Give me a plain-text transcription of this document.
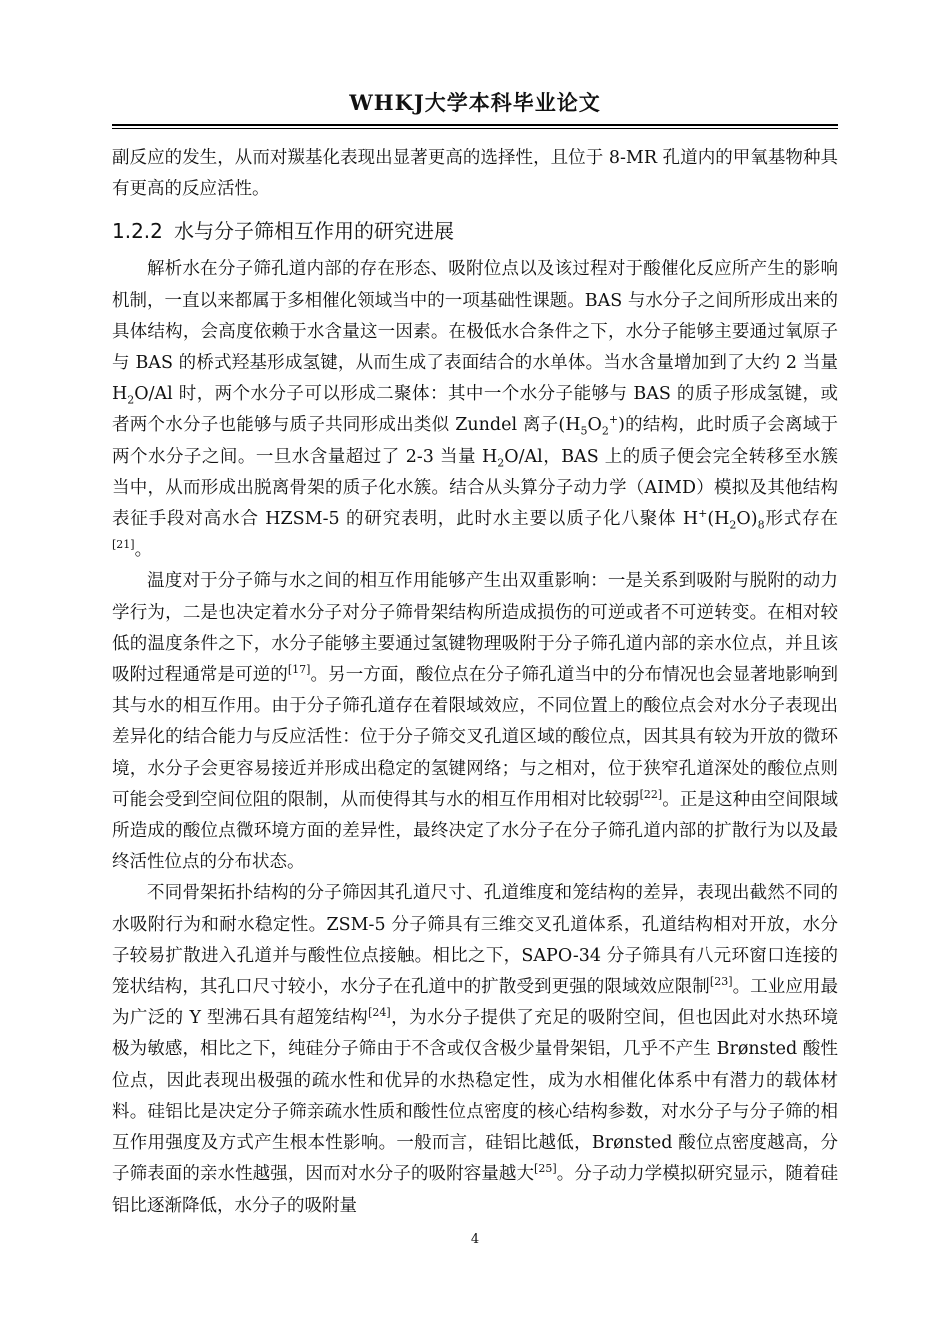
WHKJ大学本科毕业论文

副反应的发生，从而对羰基化表现出显著更高的选择性，且位于 8-MR 孔道内的甲氧基物种具有更高的反应活性。

1.2.2 水与分子筛相互作用的研究进展

解析水在分子筛孔道内部的存在形态、吸附位点以及该过程对于酸催化反应所产生的影响机制，一直以来都属于多相催化领域当中的一项基础性课题。BAS 与水分子之间所形成出来的具体结构，会高度依赖于水含量这一因素。在极低水合条件之下，水分子能够主要通过氧原子与 BAS 的桥式羟基形成氢键，从而生成了表面结合的水单体。当水含量增加到了大约 2 当量 $H_2O/Al$ 时，两个水分子可以形成二聚体：其中一个水分子能够与 BAS 的质子形成氢键，或者两个水分子也能够与质子共同形成出类似 Zundel 离子$(H_5O_2^+)$的结构，此时质子会离域于两个水分子之间。一旦水含量超过了 2-3 当量 $H_2O/Al$，BAS 上的质子便会完全转移至水簇当中，从而形成出脱离骨架的质子化水簇。结合从头算分子动力学（AIMD）模拟及其他结构表征手段对高水合 HZSM-5 的研究表明，此时水主要以质子化八聚体 $H^+(H_2O)_8$形式存在[21]。

温度对于分子筛与水之间的相互作用能够产生出双重影响：一是关系到吸附与脱附的动力学行为，二是也决定着水分子对分子筛骨架结构所造成损伤的可逆或者不可逆转变。在相对较低的温度条件之下，水分子能够主要通过氢键物理吸附于分子筛孔道内部的亲水位点，并且该吸附过程通常是可逆的[17]。另一方面，酸位点在分子筛孔道当中的分布情况也会显著地影响到其与水的相互作用。由于分子筛孔道存在着限域效应，不同位置上的酸位点会对水分子表现出差异化的结合能力与反应活性：位于分子筛交叉孔道区域的酸位点，因其具有较为开放的微环境，水分子会更容易接近并形成出稳定的氢键网络；与之相对，位于狭窄孔道深处的酸位点则可能会受到空间位阻的限制，从而使得其与水的相互作用相对比较弱[22]。正是这种由空间限域所造成的酸位点微环境方面的差异性，最终决定了水分子在分子筛孔道内部的扩散行为以及最终活性位点的分布状态。

不同骨架拓扑结构的分子筛因其孔道尺寸、孔道维度和笼结构的差异，表现出截然不同的水吸附行为和耐水稳定性。ZSM-5 分子筛具有三维交叉孔道体系，孔道结构相对开放，水分子较易扩散进入孔道并与酸性位点接触。相比之下，SAPO-34 分子筛具有八元环窗口连接的笼状结构，其孔口尺寸较小，水分子在孔道中的扩散受到更强的限域效应限制[23]。工业应用最为广泛的 Y 型沸石具有超笼结构[24]，为水分子提供了充足的吸附空间，但也因此对水热环境极为敏感，相比之下，纯硅分子筛由于不含或仅含极少量骨架铝，几乎不产生 Brønsted 酸性位点，因此表现出极强的疏水性和优异的水热稳定性，成为水相催化体系中有潜力的载体材料。硅铝比是决定分子筛亲疏水性质和酸性位点密度的核心结构参数，对水分子与分子筛的相互作用强度及方式产生根本性影响。一般而言，硅铝比越低，Brønsted 酸位点密度越高，分子筛表面的亲水性越强，因而对水分子的吸附容量越大[25]。分子动力学模拟研究显示，随着硅铝比逐渐降低，水分子的吸附量

4
